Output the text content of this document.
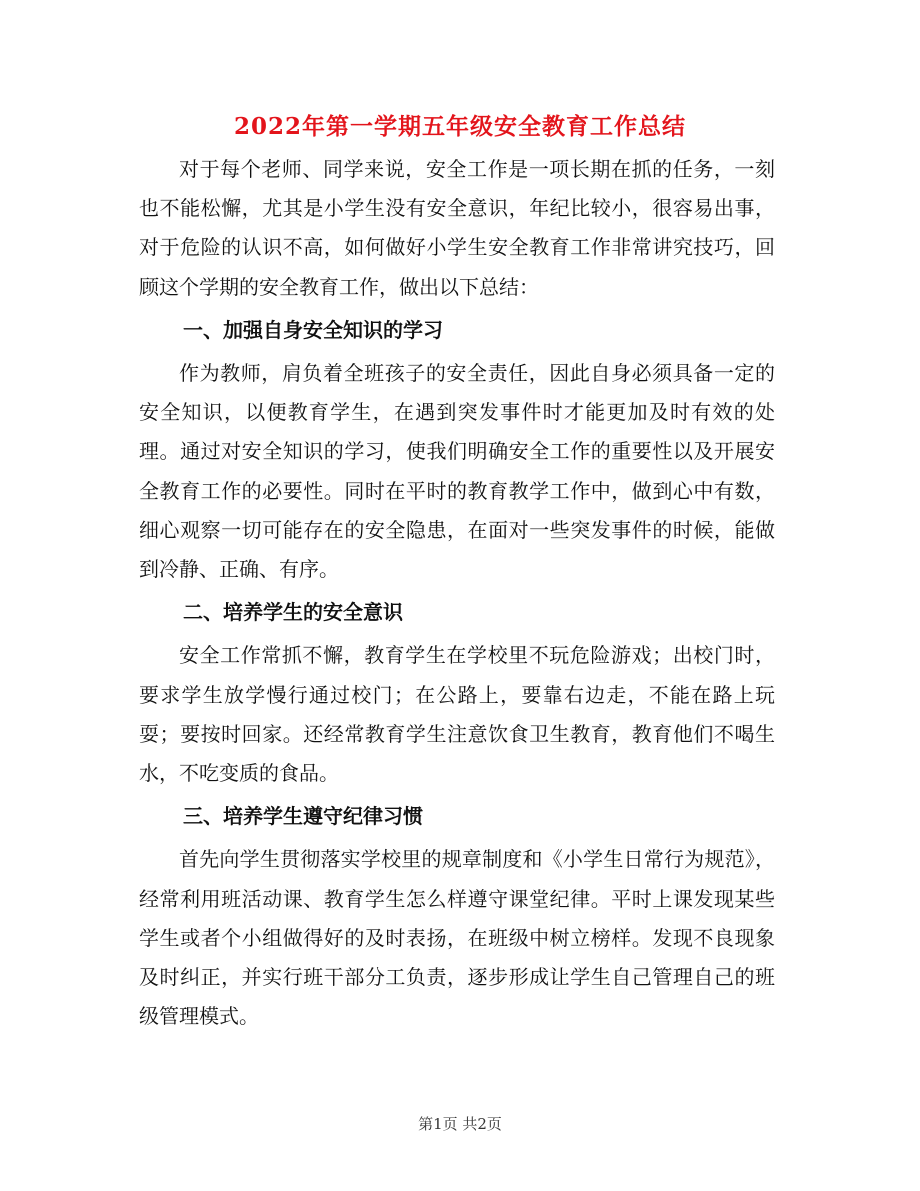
2022年第一学期五年级安全教育工作总结

对于每个老师、同学来说，安全工作是一项长期在抓的任务，一刻也不能松懈，尤其是小学生没有安全意识，年纪比较小，很容易出事，对于危险的认识不高，如何做好小学生安全教育工作非常讲究技巧，回顾这个学期的安全教育工作，做出以下总结：

一、加强自身安全知识的学习

作为教师，肩负着全班孩子的安全责任，因此自身必须具备一定的安全知识，以便教育学生，在遇到突发事件时才能更加及时有效的处理。通过对安全知识的学习，使我们明确安全工作的重要性以及开展安全教育工作的必要性。同时在平时的教育教学工作中，做到心中有数，细心观察一切可能存在的安全隐患，在面对一些突发事件的时候，能做到冷静、正确、有序。

二、培养学生的安全意识

安全工作常抓不懈，教育学生在学校里不玩危险游戏；出校门时，要求学生放学慢行通过校门；在公路上，要靠右边走，不能在路上玩耍；要按时回家。还经常教育学生注意饮食卫生教育，教育他们不喝生水，不吃变质的食品。

三、培养学生遵守纪律习惯

首先向学生贯彻落实学校里的规章制度和《小学生日常行为规范》，经常利用班活动课、教育学生怎么样遵守课堂纪律。平时上课发现某些学生或者个小组做得好的及时表扬，在班级中树立榜样。发现不良现象及时纠正，并实行班干部分工负责，逐步形成让学生自己管理自己的班级管理模式。

第1页 共2页
